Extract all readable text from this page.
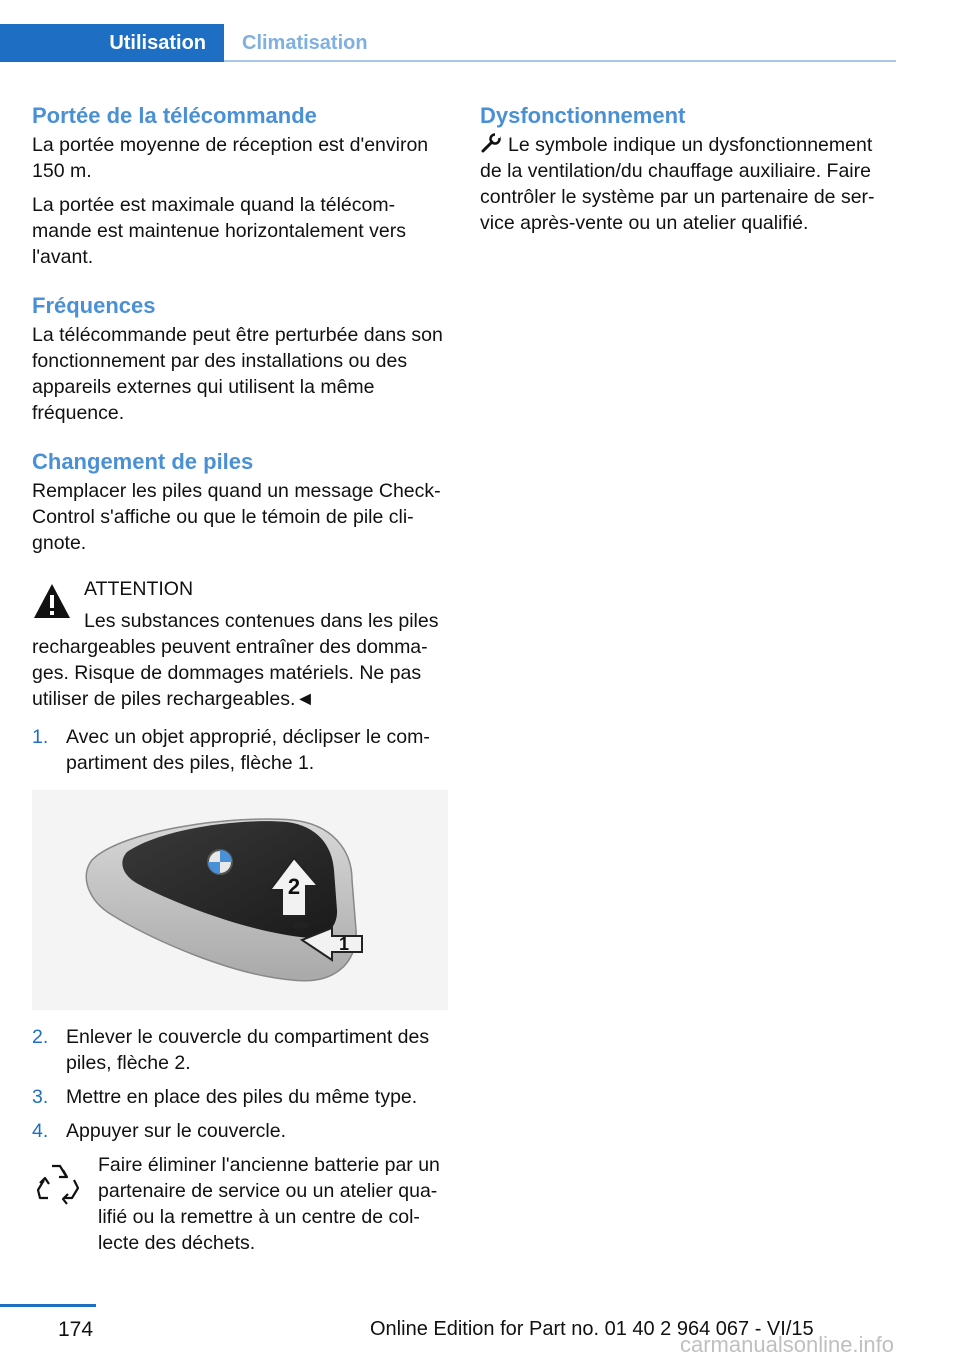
Utilisation	Climatisation
Portée de la télécommande

La portée moyenne de réception est d'environ 150 m.

La portée est maximale quand la télécommande est maintenue horizontalement vers l'avant.

Fréquences

La télécommande peut être perturbée dans son fonctionnement par des installations ou des appareils externes qui utilisent la même fréquence.

Changement de piles

Remplacer les piles quand un message Check-Control s'affiche ou que le témoin de pile clignote.

ATTENTION

Les substances contenues dans les piles rechargeables peuvent entraîner des dommages. Risque de dommages matériels. Ne pas utiliser de piles rechargeables.◄

1. Avec un objet approprié, déclipser le compartiment des piles, flèche 1.
2
1
2. Enlever le couvercle du compartiment des piles, flèche 2.
3. Mettre en place des piles du même type.
4. Appuyer sur le couvercle.

Faire éliminer l'ancienne batterie par un partenaire de service ou un atelier qualifié ou la remettre à un centre de collecte des déchets.

Dysfonctionnement

Le symbole indique un dysfonctionnement de la ventilation/du chauffage auxiliaire. Faire contrôler le système par un partenaire de service après-vente ou un atelier qualifié.

174	Online Edition for Part no. 01 40 2 964 067 - VI/15
carmanualsonline.info
